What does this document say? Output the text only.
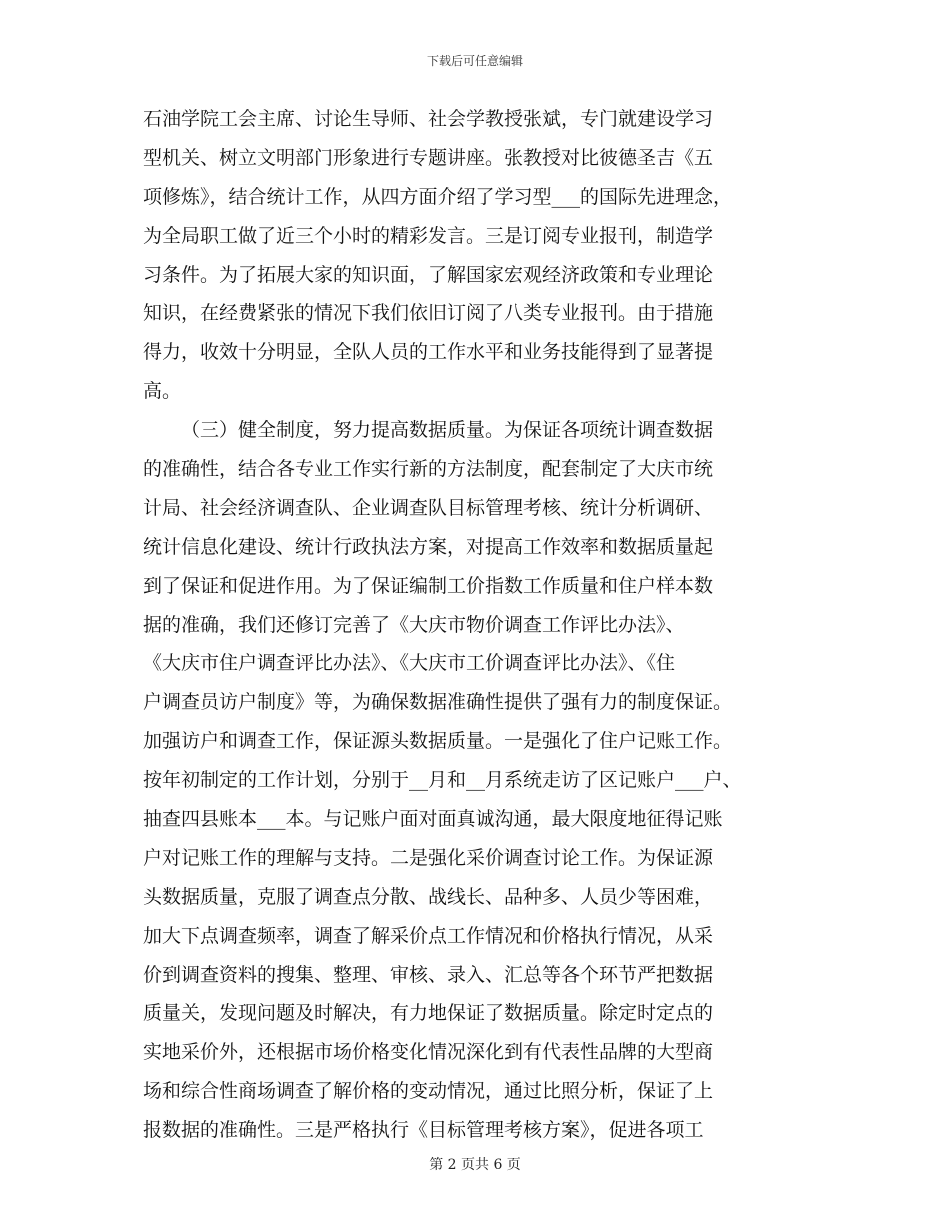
下载后可任意编辑
石油学院工会主席、讨论生导师、社会学教授张斌，专门就建设学习
型机关、树立文明部门形象进行专题讲座。张教授对比彼德圣吉《五
项修炼》，结合统计工作，从四方面介绍了学习型___的国际先进理念，
为全局职工做了近三个小时的精彩发言。三是订阅专业报刊，制造学
习条件。为了拓展大家的知识面，了解国家宏观经济政策和专业理论
知识，在经费紧张的情况下我们依旧订阅了八类专业报刊。由于措施
得力，收效十分明显，全队人员的工作水平和业务技能得到了显著提
高。
（三）健全制度，努力提高数据质量。为保证各项统计调查数据
的准确性，结合各专业工作实行新的方法制度，配套制定了大庆市统
计局、社会经济调查队、企业调查队目标管理考核、统计分析调研、
统计信息化建设、统计行政执法方案，对提高工作效率和数据质量起
到了保证和促进作用。为了保证编制工价指数工作质量和住户样本数
据的准确，我们还修订完善了《大庆市物价调查工作评比办法》、
《大庆市住户调查评比办法》、《大庆市工价调查评比办法》、《住
户调查员访户制度》等，为确保数据准确性提供了强有力的制度保证。
加强访户和调查工作，保证源头数据质量。一是强化了住户记账工作。
按年初制定的工作计划，分别于__月和__月系统走访了区记账户___户、
抽查四县账本___本。与记账户面对面真诚沟通，最大限度地征得记账
户对记账工作的理解与支持。二是强化采价调查讨论工作。为保证源
头数据质量，克服了调查点分散、战线长、品种多、人员少等困难，
加大下点调查频率，调查了解采价点工作情况和价格执行情况，从采
价到调查资料的搜集、整理、审核、录入、汇总等各个环节严把数据
质量关，发现问题及时解决，有力地保证了数据质量。除定时定点的
实地采价外，还根据市场价格变化情况深化到有代表性品牌的大型商
场和综合性商场调查了解价格的变动情况，通过比照分析，保证了上
报数据的准确性。三是严格执行《目标管理考核方案》，促进各项工
第 2 页共 6 页
